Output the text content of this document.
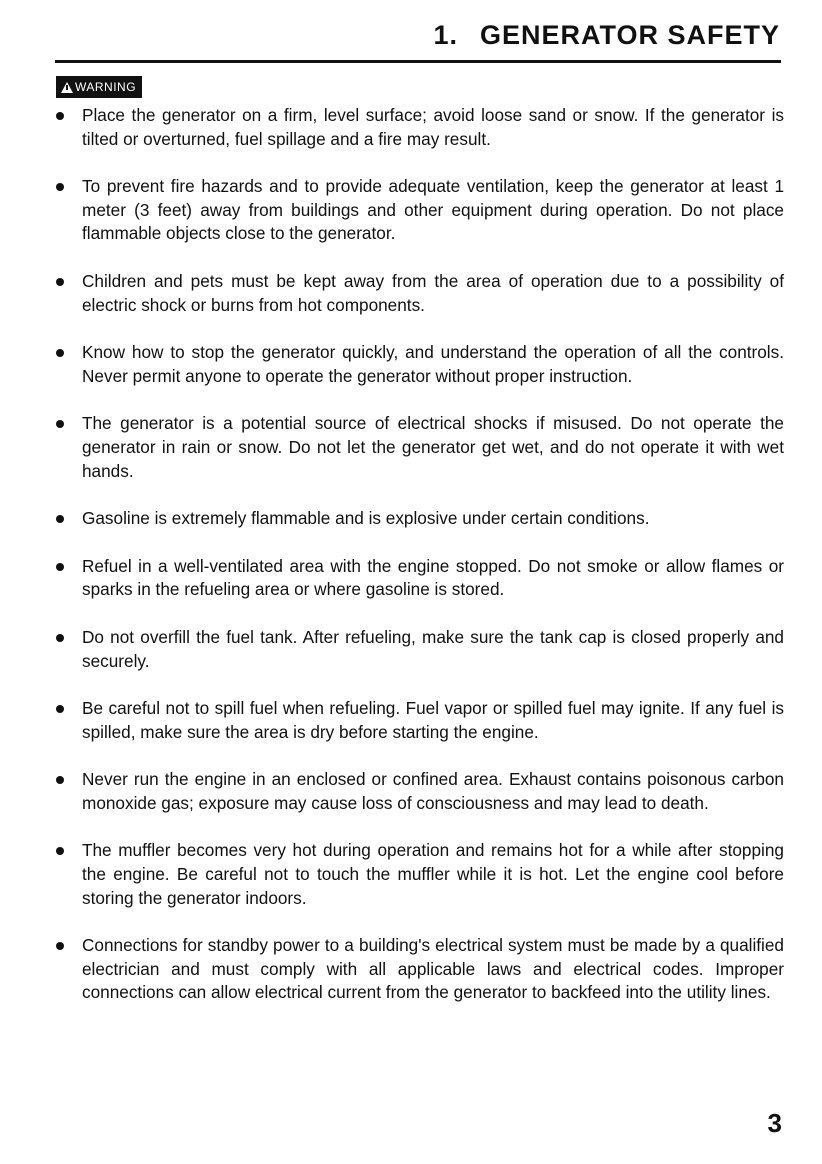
1. GENERATOR SAFETY
WARNING
Place the generator on a firm, level surface; avoid loose sand or snow. If the generator is tilted or overturned, fuel spillage and a fire may result.
To prevent fire hazards and to provide adequate ventilation, keep the generator at least 1 meter (3 feet) away from buildings and other equipment during operation. Do not place flammable objects close to the generator.
Children and pets must be kept away from the area of operation due to a possibility of electric shock or burns from hot components.
Know how to stop the generator quickly, and understand the operation of all the controls. Never permit anyone to operate the generator without proper instruction.
The generator is a potential source of electrical shocks if misused. Do not operate the generator in rain or snow. Do not let the generator get wet, and do not operate it with wet hands.
Gasoline is extremely flammable and is explosive under certain conditions.
Refuel in a well-ventilated area with the engine stopped. Do not smoke or allow flames or sparks in the refueling area or where gasoline is stored.
Do not overfill the fuel tank. After refueling, make sure the tank cap is closed properly and securely.
Be careful not to spill fuel when refueling. Fuel vapor or spilled fuel may ignite. If any fuel is spilled, make sure the area is dry before starting the engine.
Never run the engine in an enclosed or confined area. Exhaust contains poisonous carbon monoxide gas; exposure may cause loss of consciousness and may lead to death.
The muffler becomes very hot during operation and remains hot for a while after stopping the engine. Be careful not to touch the muffler while it is hot. Let the engine cool before storing the generator indoors.
Connections for standby power to a building's electrical system must be made by a qualified electrician and must comply with all applicable laws and electrical codes. Improper connections can allow electrical current from the generator to backfeed into the utility lines.
3
